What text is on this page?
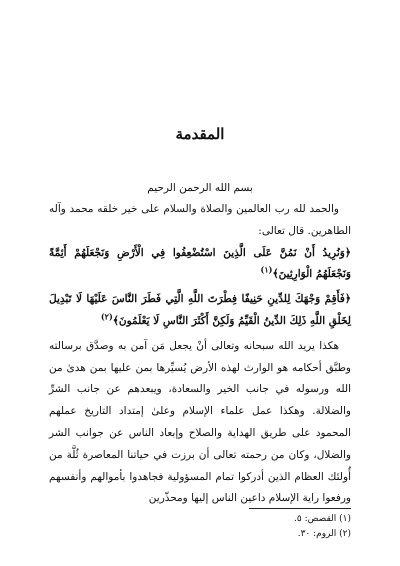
المقدمة

بسم الله الرحمن الرحيم

والحمد لله رب العالمين والصلاة والسلام على خير خلقه محمد وآله الطاهرين. قال تعالى:

﴿وَنُرِيدُ أَنْ نَمُنَّ عَلَى الَّذِينَ اسْتُضْعِفُوا فِي الْأَرْضِ وَنَجْعَلَهُمْ أَئِمَّةً وَنَجْعَلَهُمُ الْوَارِثِينَ﴾$^{(١)}$

﴿فَأَقِمْ وَجْهَكَ لِلدِّينِ حَنِيفًا فِطْرَتَ اللَّهِ الَّتِي فَطَرَ النَّاسَ عَلَيْهَا لَا تَبْدِيلَ لِخَلْقِ اللَّهِ ذَلِكَ الدِّينُ الْقَيِّمُ وَلَكِنَّ أَكْثَرَ النَّاسِ لَا يَعْلَمُونَ﴾$^{(٢)}$

هكذا يريد الله سبحانه وتعالى أنْ يجعل مَن آمن به وصدَّق برسالته وطبَّق أحكامه هو الوارث لهذه الأرض يُسيِّرها بمن عليها بمن هدىٰ من الله ورسوله في جانب الخير والسعادة، ويبعدهم عن جانب الشرِّ والضلالة. وهكذا عمل علماء الإسلام وعلىٰ إمتداد التاريخ عملهم المحمود على طريق الهداية والصلاح وإبعاد الناس عن جوانب الشر والضلال، وكان من رحمته تعالى أن برزت في حياتنا المعاصرة ثُلَّة من أُولئك العظام الذين أدركوا تمام المسؤولية فجاهدوا بأموالهم وأنفسهم ورفعوا راية الإسلام داعين الناس إليها ومحذّرين

(١) القصص: ٥.

(٢) الروم: ٣٠.
